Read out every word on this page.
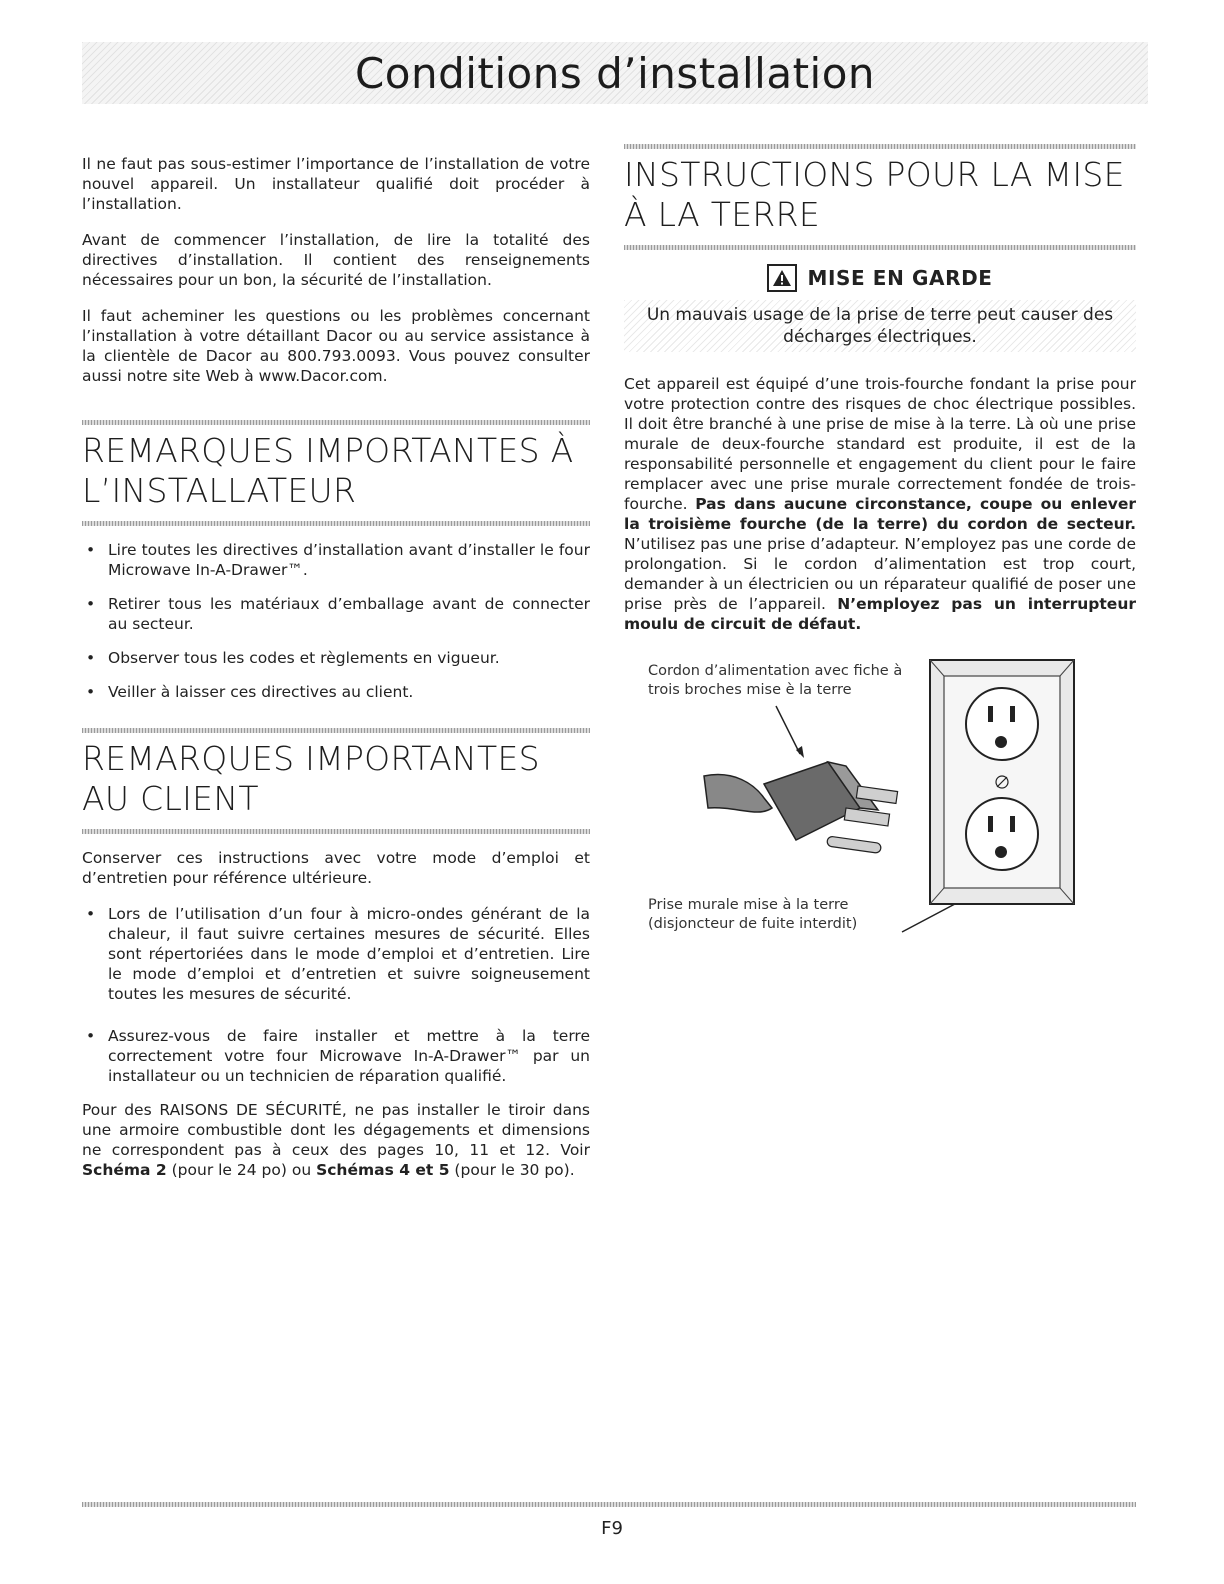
Conditions d’installation

Il ne faut pas sous-estimer l’importance de l’installation de votre nouvel appareil. Un installateur qualifié doit procéder à l’installation.

Avant de commencer l’installation, de lire la totalité des directives d’installation. Il contient des renseignements nécessaires pour un bon, la sécurité de l’installation.

Il faut acheminer les questions ou les problèmes concernant l’installation à votre détaillant Dacor ou au service assistance à la clientèle de Dacor au 800.793.0093. Vous pouvez consulter aussi notre site Web à www.Dacor.com.

REMARQUES IMPORTANTES À L’INSTALLATEUR
• Lire toutes les directives d’installation avant d’installer le four Microwave In-A-Drawer™.
• Retirer tous les matériaux d’emballage avant de connecter au secteur.
• Observer tous les codes et règlements en vigueur.
• Veiller à laisser ces directives au client.
REMARQUES IMPORTANTES AU CLIENT

Conserver ces instructions avec votre mode d’emploi et d’entretien pour référence ultérieure.

• Lors de l’utilisation d’un four à micro-ondes générant de la chaleur, il faut suivre certaines mesures de sécurité. Elles sont répertoriées dans le mode d’emploi et d’entretien. Lire le mode d’emploi et d’entretien et suivre soigneusement toutes les mesures de sécurité.
• Assurez-vous de faire installer et mettre à la terre correctement votre four Microwave In-A-Drawer™ par un installateur ou un technicien de réparation qualifié.

Pour des RAISONS DE SÉCURITÉ, ne pas installer le tiroir dans une armoire combustible dont les dégagements et dimensions ne correspondent pas à ceux des pages 10, 11 et 12. Voir Schéma 2 (pour le 24 po) ou Schémas 4 et 5 (pour le 30 po).

INSTRUCTIONS POUR LA MISE À LA TERRE
MISE EN GARDE
Un mauvais usage de la prise de terre peut causer des décharges électriques.

Cet appareil est équipé d’une trois-fourche fondant la prise pour votre protection contre des risques de choc électrique possibles. Il doit être branché à une prise de mise à la terre. Là où une prise murale de deux-fourche standard est produite, il est de la responsabilité personnelle et engagement du client pour le faire remplacer avec une prise murale correctement fondée de trois-fourche. Pas dans aucune circonstance, coupe ou enlever la troisième fourche (de la terre) du cordon de secteur. N’utilisez pas une prise d’adapteur. N’employez pas une corde de prolongation. Si le cordon d’alimentation est trop court, demander à un électricien ou un réparateur qualifié de poser une prise près de l’appareil. N’employez pas un interrupteur moulu de circuit de défaut.

Cordon d’alimentation avec fiche à trois broches mise è la terre
Prise murale mise à la terre (disjoncteur de fuite interdit)
F9
